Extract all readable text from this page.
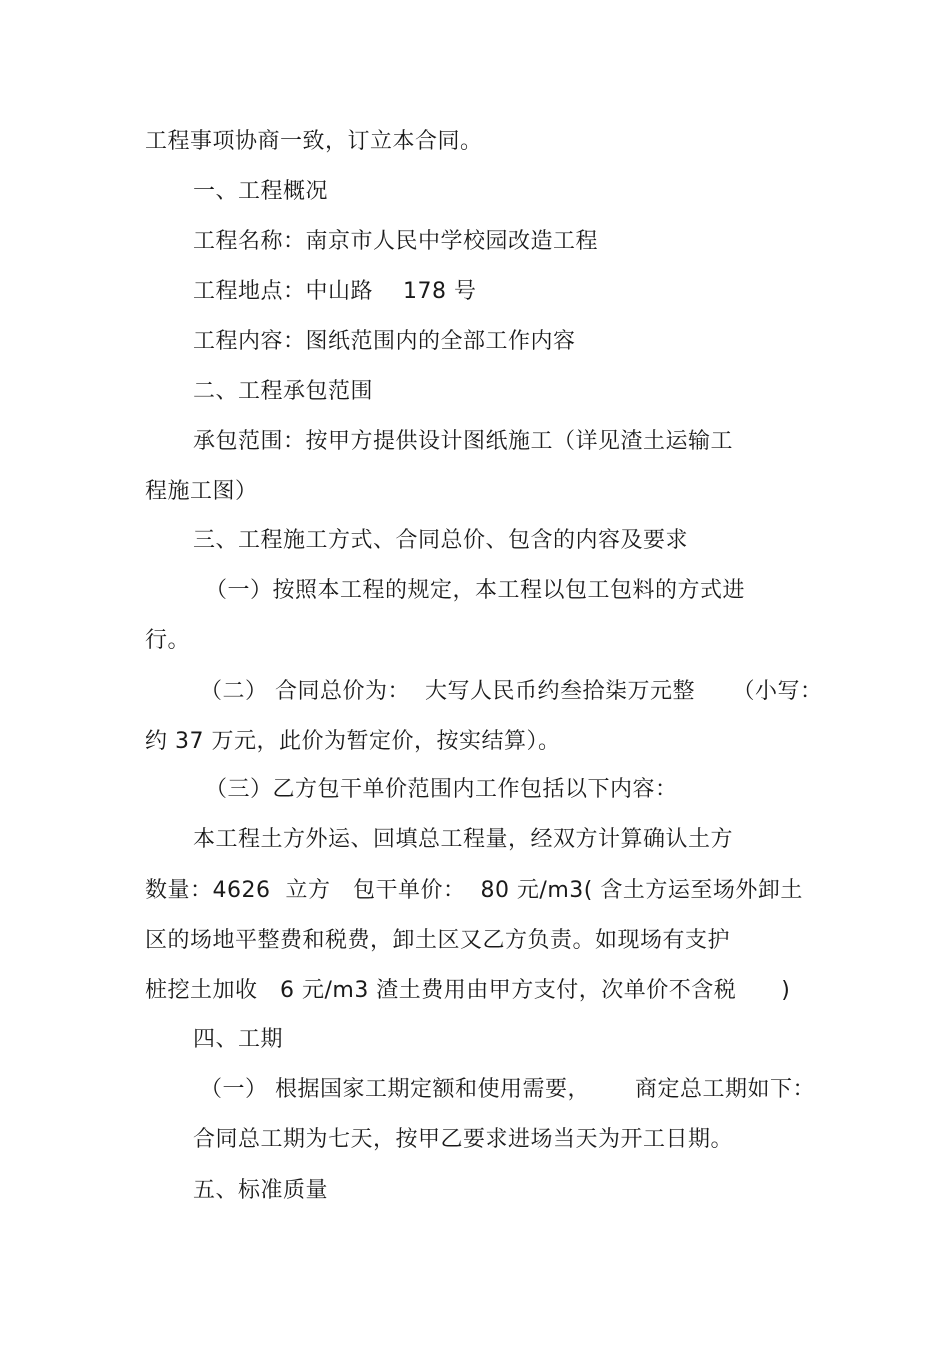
工程事项协商一致，订立本合同。
一、工程概况
工程名称：南京市人民中学校园改造工程
工程地点：中山路    178 号
工程内容：图纸范围内的全部工作内容
二、工程承包范围
承包范围：按甲方提供设计图纸施工（详见渣土运输工
程施工图）
三、工程施工方式、合同总价、包含的内容及要求
（一）按照本工程的规定，本工程以包工包料的方式进
行。
（二） 合同总价为：  大写人民币约叁拾柒万元整     （小写：
约 37 万元，此价为暂定价，按实结算）。
（三）乙方包干单价范围内工作包括以下内容：
本工程土方外运、回填总工程量，经双方计算确认土方
数量：4626  立方   包干单价：  80 元/m3( 含土方运至场外卸土
区的场地平整费和税费，卸土区又乙方负责。如现场有支护
桩挖土加收   6 元/m3 渣土费用由甲方支付，次单价不含税      )
四、工期
（一） 根据国家工期定额和使用需要，      商定总工期如下：
合同总工期为七天，按甲乙要求进场当天为开工日期。
五、标准质量
